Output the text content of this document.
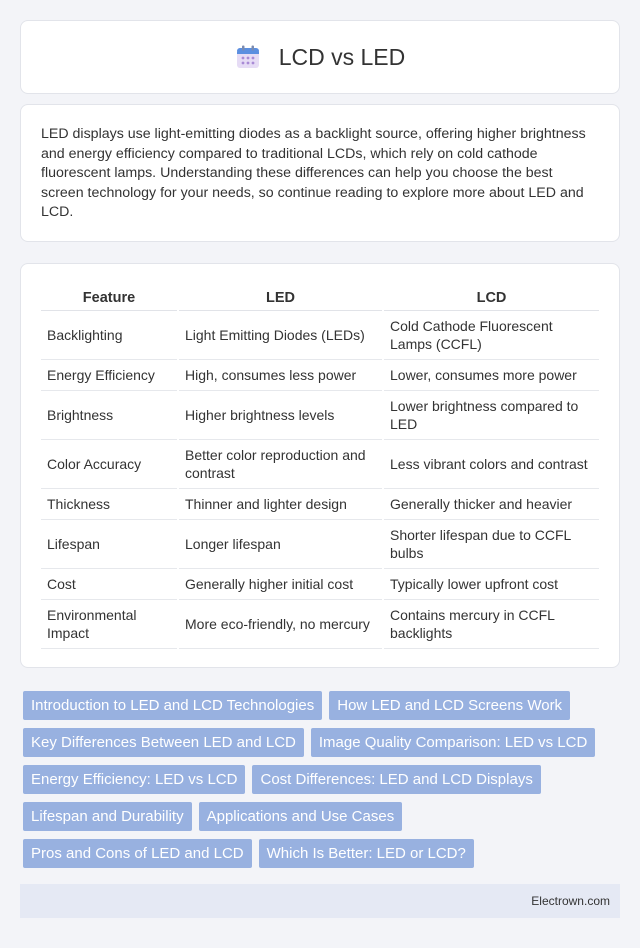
LCD vs LED

LED displays use light-emitting diodes as a backlight source, offering higher brightness and energy efficiency compared to traditional LCDs, which rely on cold cathode fluorescent lamps. Understanding these differences can help you choose the best screen technology for your needs, so continue reading to explore more about LED and LCD.

Feature	LED	LCD
Backlighting	Light Emitting Diodes (LEDs)	Cold Cathode Fluorescent Lamps (CCFL)
Energy Efficiency	High, consumes less power	Lower, consumes more power
Brightness	Higher brightness levels	Lower brightness compared to LED
Color Accuracy	Better color reproduction and contrast	Less vibrant colors and contrast
Thickness	Thinner and lighter design	Generally thicker and heavier
Lifespan	Longer lifespan	Shorter lifespan due to CCFL bulbs
Cost	Generally higher initial cost	Typically lower upfront cost
Environmental Impact	More eco-friendly, no mercury	Contains mercury in CCFL backlights
Introduction to LED and LCD Technologies	How LED and LCD Screens Work
Key Differences Between LED and LCD	Image Quality Comparison: LED vs LCD
Energy Efficiency: LED vs LCD	Cost Differences: LED and LCD Displays
Lifespan and Durability	Applications and Use Cases
Pros and Cons of LED and LCD	Which Is Better: LED or LCD?
Electrown.com
